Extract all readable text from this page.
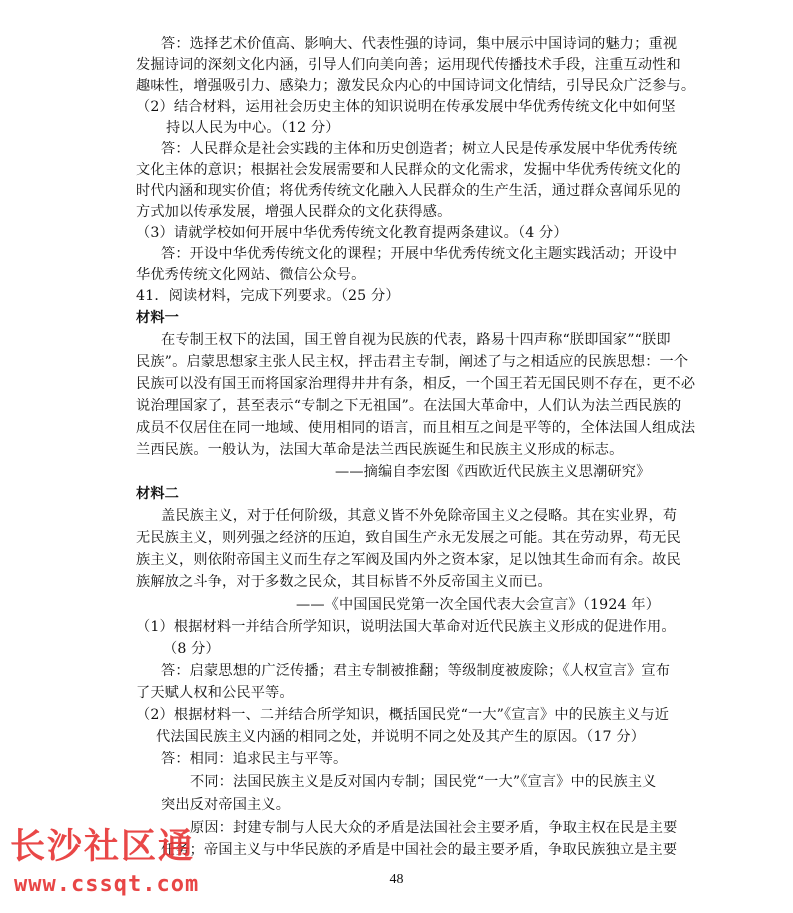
答：选择艺术价值高、影响大、代表性强的诗词，集中展示中国诗词的魅力；重视
发掘诗词的深刻文化内涵，引导人们向美向善；运用现代传播技术手段，注重互动性和
趣味性，增强吸引力、感染力；激发民众内心的中国诗词文化情结，引导民众广泛参与。
（2）结合材料，运用社会历史主体的知识说明在传承发展中华优秀传统文化中如何坚
持以人民为中心。（12 分）
答：人民群众是社会实践的主体和历史创造者；树立人民是传承发展中华优秀传统
文化主体的意识；根据社会发展需要和人民群众的文化需求，发掘中华优秀传统文化的
时代内涵和现实价值；将优秀传统文化融入人民群众的生产生活，通过群众喜闻乐见的
方式加以传承发展，增强人民群众的文化获得感。
（3）请就学校如何开展中华优秀传统文化教育提两条建议。（4 分）
答：开设中华优秀传统文化的课程；开展中华优秀传统文化主题实践活动；开设中
华优秀传统文化网站、微信公众号。
41．阅读材料，完成下列要求。（25 分）
材料一
在专制王权下的法国，国王曾自视为民族的代表，路易十四声称“朕即国家”“朕即
民族”。启蒙思想家主张人民主权，抨击君主专制，阐述了与之相适应的民族思想：一个
民族可以没有国王而将国家治理得井井有条，相反，一个国王若无国民则不存在，更不必
说治理国家了，甚至表示“专制之下无祖国”。在法国大革命中，人们认为法兰西民族的
成员不仅居住在同一地域、使用相同的语言，而且相互之间是平等的，全体法国人组成法
兰西民族。一般认为，法国大革命是法兰西民族诞生和民族主义形成的标志。
——摘编自李宏图《西欧近代民族主义思潮研究》
材料二
盖民族主义，对于任何阶级，其意义皆不外免除帝国主义之侵略。其在实业界，苟
无民族主义，则列强之经济的压迫，致自国生产永无发展之可能。其在劳动界，苟无民
族主义，则依附帝国主义而生存之军阀及国内外之资本家，足以蚀其生命而有余。故民
族解放之斗争，对于多数之民众，其目标皆不外反帝国主义而已。
——《中国国民党第一次全国代表大会宣言》（1924 年）
（1）根据材料一并结合所学知识，说明法国大革命对近代民族主义形成的促进作用。
（8 分）
答：启蒙思想的广泛传播；君主专制被推翻；等级制度被废除；《人权宣言》宣布
了天赋人权和公民平等。
（2）根据材料一、二并结合所学知识，概括国民党“一大”《宣言》中的民族主义与近
代法国民族主义内涵的相同之处，并说明不同之处及其产生的原因。（17 分）
答：相同：追求民主与平等。
不同：法国民族主义是反对国内专制；国民党“一大”《宣言》中的民族主义
突出反对帝国主义。
原因：封建专制与人民大众的矛盾是法国社会主要矛盾，争取主权在民是主要
任务；帝国主义与中华民族的矛盾是中国社会的最主要矛盾，争取民族独立是主要
48
长沙社区通
www.cssqt.com
